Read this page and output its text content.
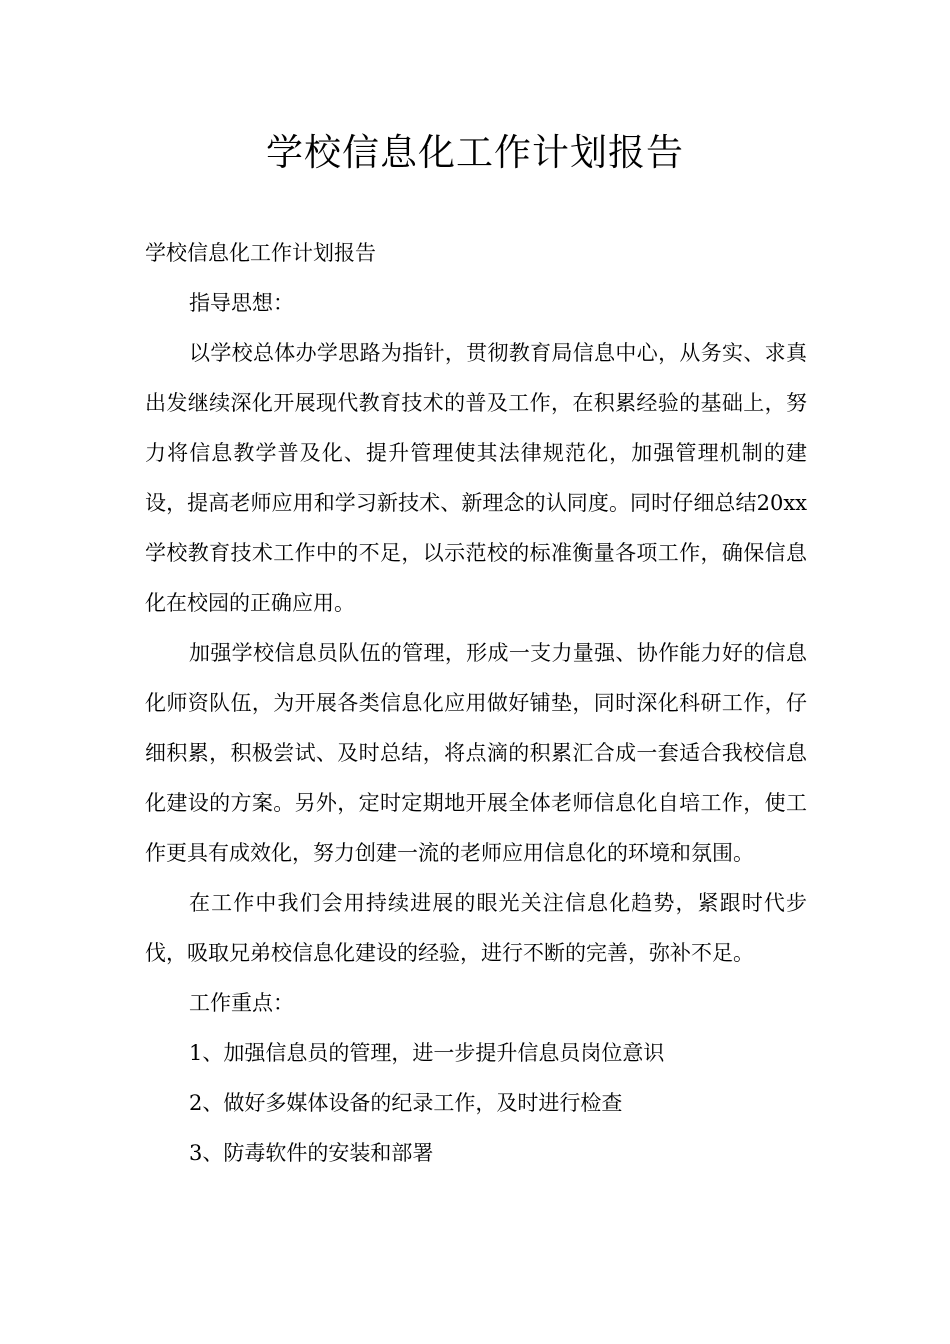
学校信息化工作计划报告

学校信息化工作计划报告

指导思想：

以学校总体办学思路为指针，贯彻教育局信息中心，从务实、求真出发继续深化开展现代教育技术的普及工作，在积累经验的基础上，努力将信息教学普及化、提升管理使其法律规范化，加强管理机制的建设，提高老师应用和学习新技术、新理念的认同度。同时仔细总结20xx学校教育技术工作中的不足，以示范校的标准衡量各项工作，确保信息化在校园的正确应用。

加强学校信息员队伍的管理，形成一支力量强、协作能力好的信息化师资队伍，为开展各类信息化应用做好铺垫，同时深化科研工作，仔细积累，积极尝试、及时总结，将点滴的积累汇合成一套适合我校信息化建设的方案。另外，定时定期地开展全体老师信息化自培工作，使工作更具有成效化，努力创建一流的老师应用信息化的环境和氛围。

在工作中我们会用持续进展的眼光关注信息化趋势，紧跟时代步伐，吸取兄弟校信息化建设的经验，进行不断的完善，弥补不足。

工作重点：

1、加强信息员的管理，进一步提升信息员岗位意识

2、做好多媒体设备的纪录工作，及时进行检查

3、防毒软件的安装和部署
